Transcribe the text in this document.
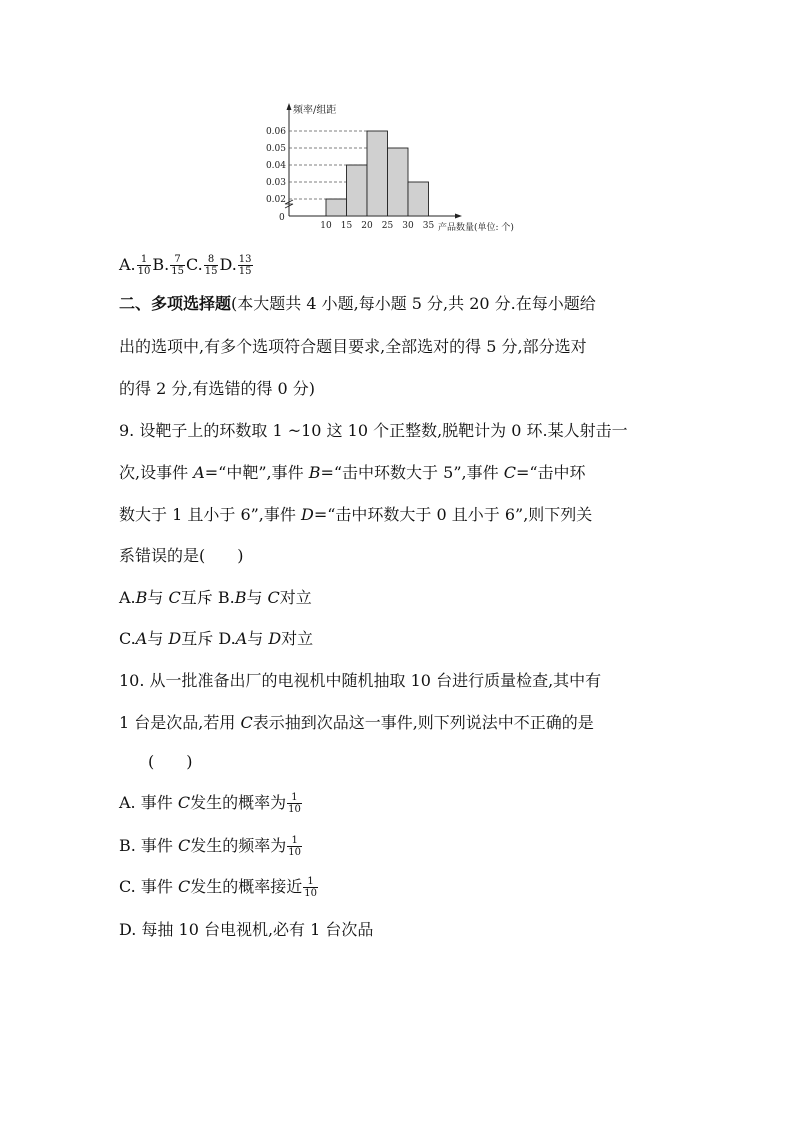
频率/组距
产品数量(单位: 个)
0
0.06
0.05
0.04
0.03
0.02
10 15 20 25 30 35
A. $\frac{1}{10} B$. $\frac{7}{15} C$. $\frac{8}{15} D$. $\frac{13}{15}$
二、多项选择题(本大题共 4 小题,每小题 5 分,共 20 分.在每小题给
出的选项中,有多个选项符合题目要求,全部选对的得 5 分,部分选对
的得 2 分,有选错的得 0 分)
9. 设靶子上的环数取 1 ~10 这 10 个正整数,脱靶计为 0 环.某人射击一
次,设事件 A=“中靶”,事件 B=“击中环数大于 5”,事件 C=“击中环
数大于 1 且小于 6”,事件 D=“击中环数大于 0 且小于 6”,则下列关
系错误的是(　　)
A.B与 C互斥 B.B与 C对立
C.A与 D互斥 D.A与 D对立
10. 从一批准备出厂的电视机中随机抽取 10 台进行质量检查,其中有
1 台是次品,若用 C表示抽到次品这一事件,则下列说法中不正确的是
(　　)
A. 事件 C发生的概率为 $\frac{1}{10}$
B. 事件 C发生的频率为 $\frac{1}{10}$
C. 事件 C发生的概率接近 $\frac{1}{10}$
D. 每抽 10 台电视机,必有 1 台次品
